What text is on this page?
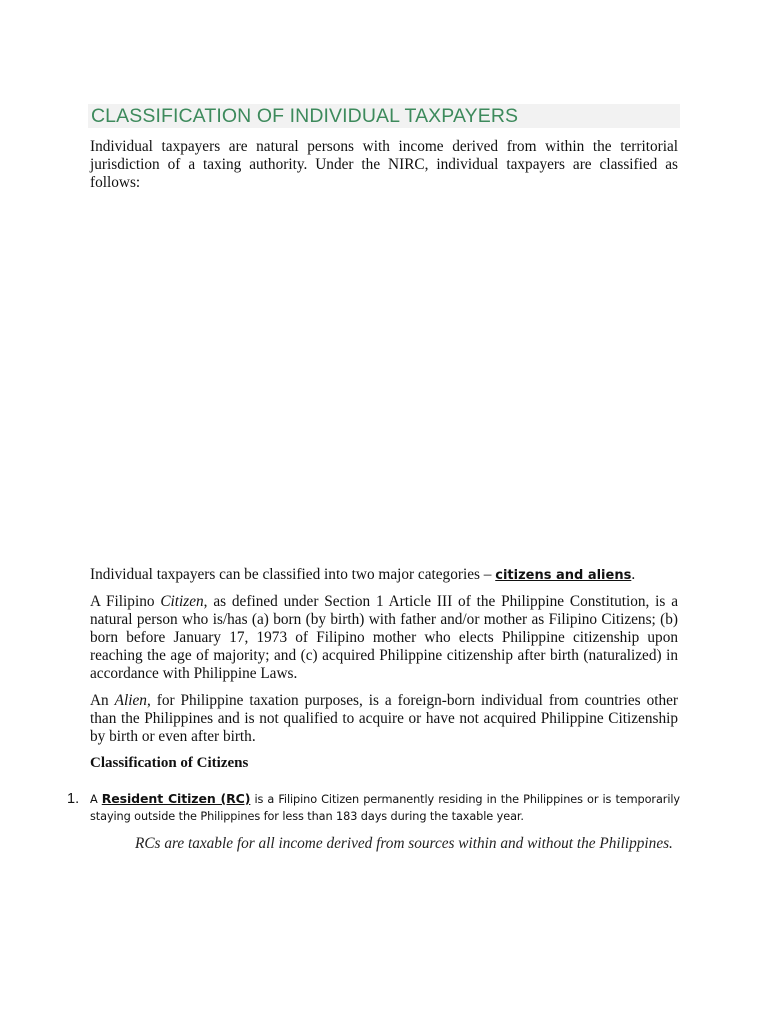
CLASSIFICATION OF INDIVIDUAL TAXPAYERS

Individual taxpayers are natural persons with income derived from within the territorial jurisdiction of a taxing authority. Under the NIRC, individual taxpayers are classified as follows:

Individual taxpayers can be classified into two major categories – citizens and aliens.

A Filipino Citizen, as defined under Section 1 Article III of the Philippine Constitution, is a natural person who is/has (a) born (by birth) with father and/or mother as Filipino Citizens; (b) born before January 17, 1973 of Filipino mother who elects Philippine citizenship upon reaching the age of majority; and (c) acquired Philippine citizenship after birth (naturalized) in accordance with Philippine Laws.

An Alien, for Philippine taxation purposes, is a foreign-born individual from countries other than the Philippines and is not qualified to acquire or have not acquired Philippine Citizenship by birth or even after birth.

Classification of Citizens
1. A Resident Citizen (RC) is a Filipino Citizen permanently residing in the Philippines or is temporarily staying outside the Philippines for less than 183 days during the taxable year.

RCs are taxable for all income derived from sources within and without the Philippines.
